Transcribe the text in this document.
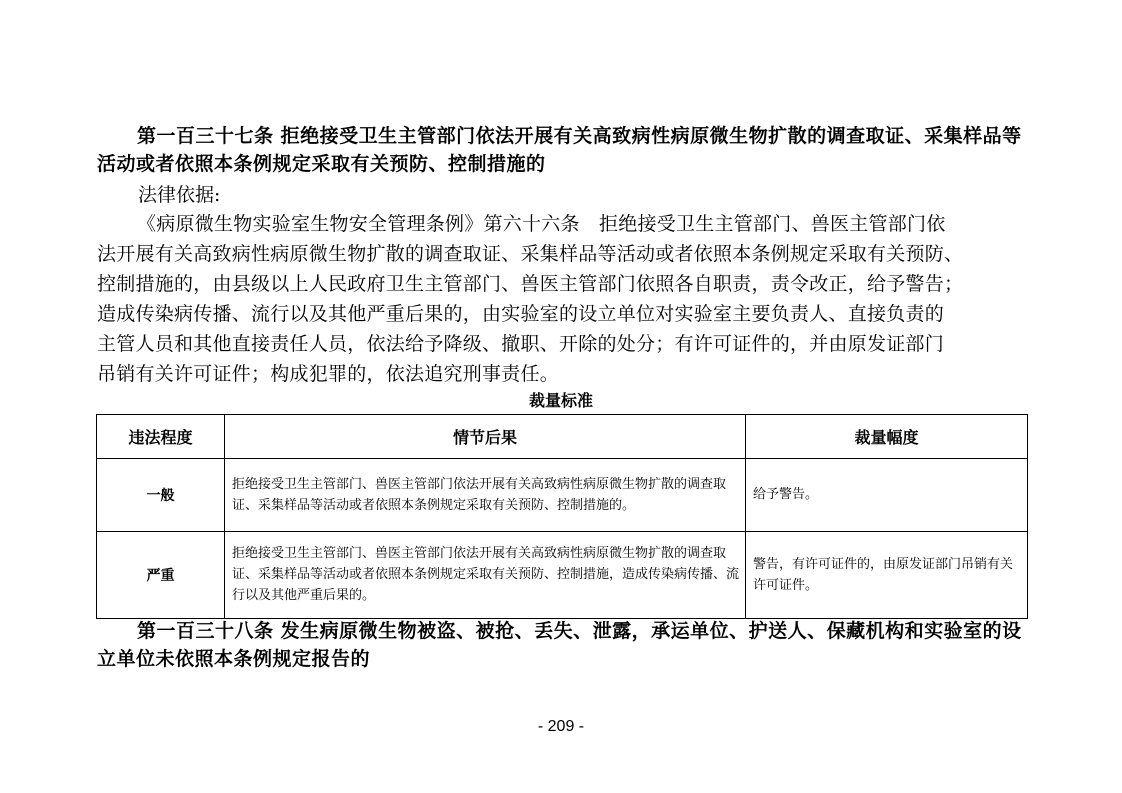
第一百三十七条 拒绝接受卫生主管部门依法开展有关高致病性病原微生物扩散的调查取证、采集样品等活动或者依照本条例规定采取有关预防、控制措施的
法律依据:
《病原微生物实验室生物安全管理条例》第六十六条　拒绝接受卫生主管部门、兽医主管部门依
法开展有关高致病性病原微生物扩散的调查取证、采集样品等活动或者依照本条例规定采取有关预防、
控制措施的，由县级以上人民政府卫生主管部门、兽医主管部门依照各自职责，责令改正，给予警告；
造成传染病传播、流行以及其他严重后果的，由实验室的设立单位对实验室主要负责人、直接负责的
主管人员和其他直接责任人员，依法给予降级、撤职、开除的处分；有许可证件的，并由原发证部门
吊销有关许可证件；构成犯罪的，依法追究刑事责任。
裁量标准
违法程度	情节后果	裁量幅度
一般	拒绝接受卫生主管部门、兽医主管部门依法开展有关高致病性病原微生物扩散的调查取证、采集样品等活动或者依照本条例规定采取有关预防、控制措施的。	给予警告。
严重	拒绝接受卫生主管部门、兽医主管部门依法开展有关高致病性病原微生物扩散的调查取证、采集样品等活动或者依照本条例规定采取有关预防、控制措施，造成传染病传播、流行以及其他严重后果的。	警告，有许可证件的，由原发证部门吊销有关许可证件。
第一百三十八条 发生病原微生物被盗、被抢、丢失、泄露，承运单位、护送人、保藏机构和实验室的设立单位未依照本条例规定报告的
- 209 -
